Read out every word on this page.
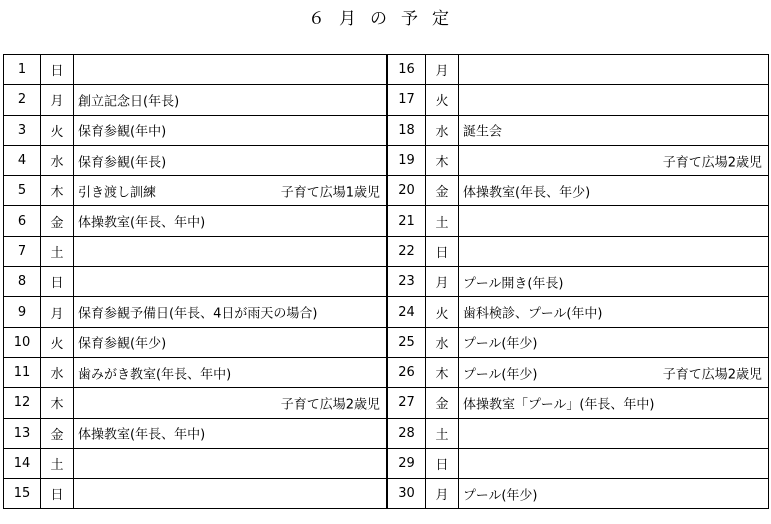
６月の予定
1	日			16	月	

2	月	創立記念日(年長)		17	火	

3	火	保育参観(年中)		18	水	誕生会

4	水	保育参観(年長)		19	木	子育て広場2歳児

5	木	引き渡し訓練 子育て広場1歳児		20	金	体操教室(年長、年少)

6	金	体操教室(年長、年中)		21	土	

7	土			22	日	

8	日			23	月	プール開き(年長)

9	月	保育参観予備日(年長、4日が雨天の場合)		24	火	歯科検診、プール(年中)

10	火	保育参観(年少)		25	水	プール(年少)

11	水	歯みがき教室(年長、年中)		26	木	プール(年少) 子育て広場2歳児

12	木	子育て広場2歳児		27	金	体操教室「プール」(年長、年中)

13	金	体操教室(年長、年中)		28	土	

14	土			29	日	

15	日			30	月	プール(年少)
